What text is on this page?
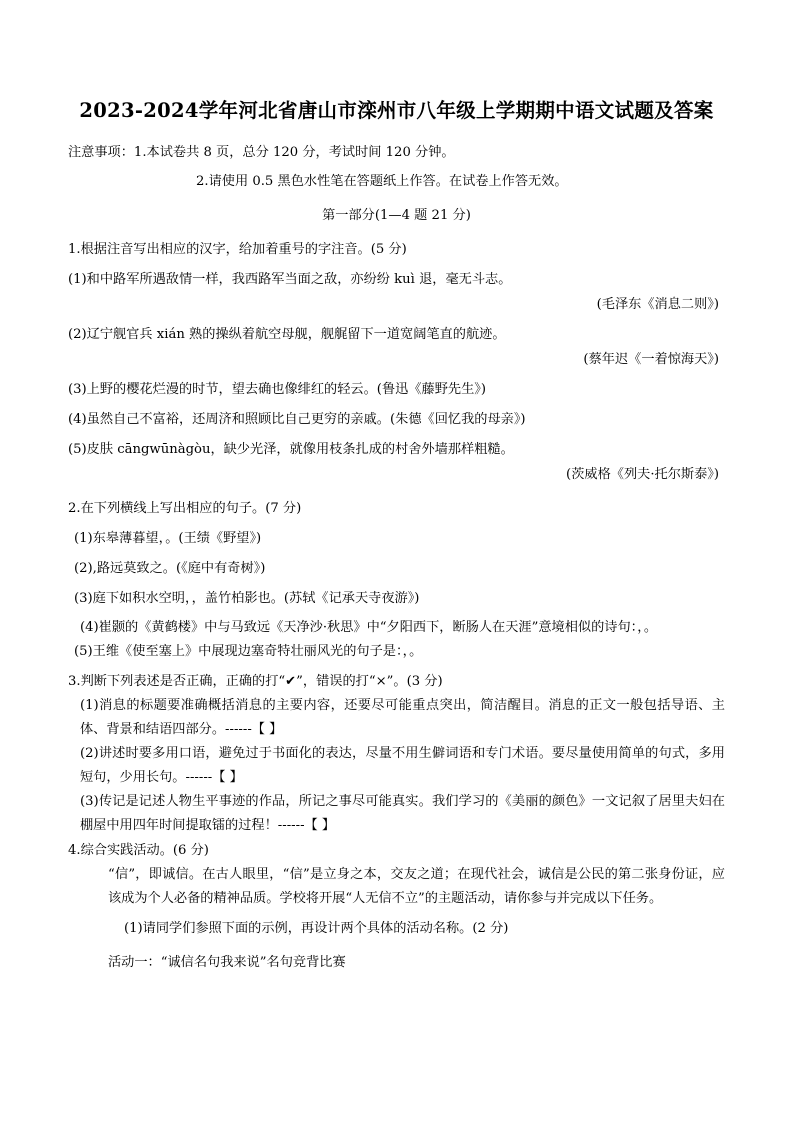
2023-2024学年河北省唐山市滦州市八年级上学期期中语文试题及答案

注意事项：1.本试卷共 8 页，总分 120 分，考试时间 120 分钟。

2.请使用 0.5 黑色水性笔在答题纸上作答。在试卷上作答无效。

第一部分(1—4 题 21 分)

1.根据注音写出相应的汉字，给加着重号的字注音。(5 分)

(1)和中路军所遇敌情一样，我西路军当面之敌，亦纷纷 kuì 退，毫无斗志。

(毛泽东《消息二则》)

(2)辽宁舰官兵 xián 熟的操纵着航空母舰，舰艉留下一道宽阔笔直的航迹。

(蔡年迟《一着惊海天》)

(3)上野的樱花烂漫的时节，望去确也像绯红的轻云。(鲁迅《藤野先生》)

(4)虽然自己不富裕，还周济和照顾比自己更穷的亲戚。(朱德《回忆我的母亲》)

(5)皮肤 cāngwūnàgòu，缺少光泽，就像用枝条扎成的村舍外墙那样粗糙。

(茨威格《列夫·托尔斯泰》)

2.在下列横线上写出相应的句子。(7 分)

(1)东皋薄暮望，。(王绩《野望》)

(2),路远莫致之。(《庭中有奇树》)

(3)庭下如积水空明，，盖竹柏影也。(苏轼《记承天寺夜游》)

(4)崔颢的《黄鹤楼》中与马致远《天净沙·秋思》中“夕阳西下，断肠人在天涯”意境相似的诗句：，。

(5)王维《使至塞上》中展现边塞奇特壮丽风光的句子是：，。

3.判断下列表述是否正确，正确的打“✔”，错误的打“×”。(3 分)

(1)消息的标题要准确概括消息的主要内容，还要尽可能重点突出，简洁醒目。消息的正文一般包括导语、主体、背景和结语四部分。------【 】

(2)讲述时要多用口语，避免过于书面化的表达，尽量不用生僻词语和专门术语。要尽量使用简单的句式，多用短句，少用长句。------【 】

(3)传记是记述人物生平事迹的作品，所记之事尽可能真实。我们学习的《美丽的颜色》一文记叙了居里夫妇在棚屋中用四年时间提取镭的过程！------【 】

4.综合实践活动。(6 分)

“信”，即诚信。在古人眼里，“信”是立身之本，交友之道；在现代社会，诚信是公民的第二张身份证，应该成为个人必备的精神品质。学校将开展“人无信不立”的主题活动，请你参与并完成以下任务。

(1)请同学们参照下面的示例，再设计两个具体的活动名称。(2 分)

活动一：“诚信名句我来说”名句竞背比赛
